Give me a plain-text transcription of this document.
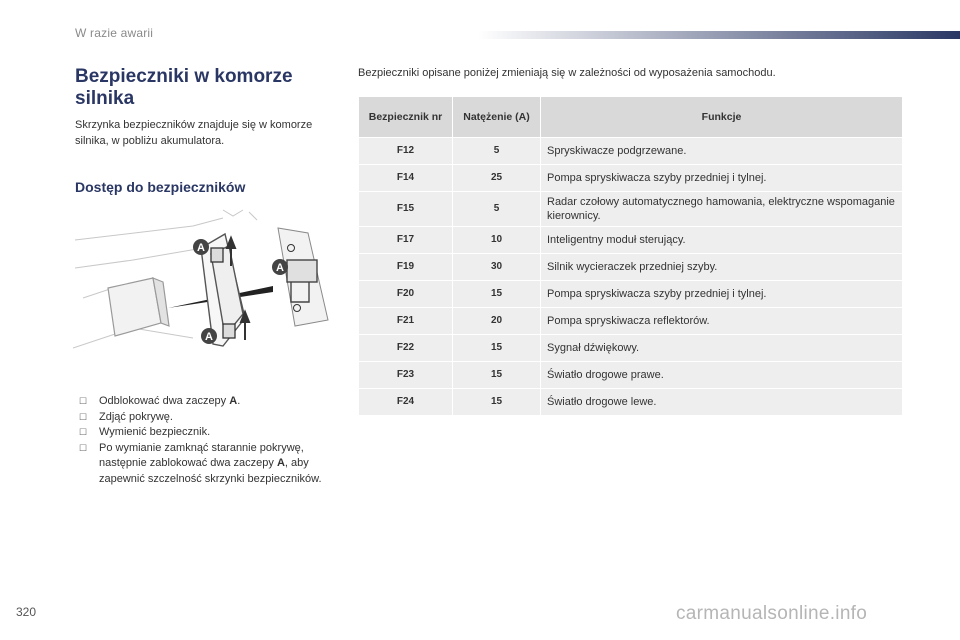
W razie awarii
Bezpieczniki w komorze silnika
Skrzynka bezpieczników znajduje się w komorze silnika, w pobliżu akumulatora.
Dostęp do bezpieczników
A
A
A
☐ Odblokować dwa zaczepy A.
☐ Zdjąć pokrywę.
☐ Wymienić bezpiecznik.
☐ Po wymianie zamknąć starannie pokrywę, następnie zablokować dwa zaczepy A, aby zapewnić szczelność skrzynki bezpieczników.
Bezpieczniki opisane poniżej zmieniają się w zależności od wyposażenia samochodu.
Bezpiecznik nr	Natężenie (A)	Funkcje
F12	5	Spryskiwacze podgrzewane.
F14	25	Pompa spryskiwacza szyby przedniej i tylnej.
F15	5	Radar czołowy automatycznego hamowania, elektryczne wspomaganie kierownicy.
F17	10	Inteligentny moduł sterujący.
F19	30	Silnik wycieraczek przedniej szyby.
F20	15	Pompa spryskiwacza szyby przedniej i tylnej.
F21	20	Pompa spryskiwacza reflektorów.
F22	15	Sygnał dźwiękowy.
F23	15	Światło drogowe prawe.
F24	15	Światło drogowe lewe.
320	carmanualsonline.info
